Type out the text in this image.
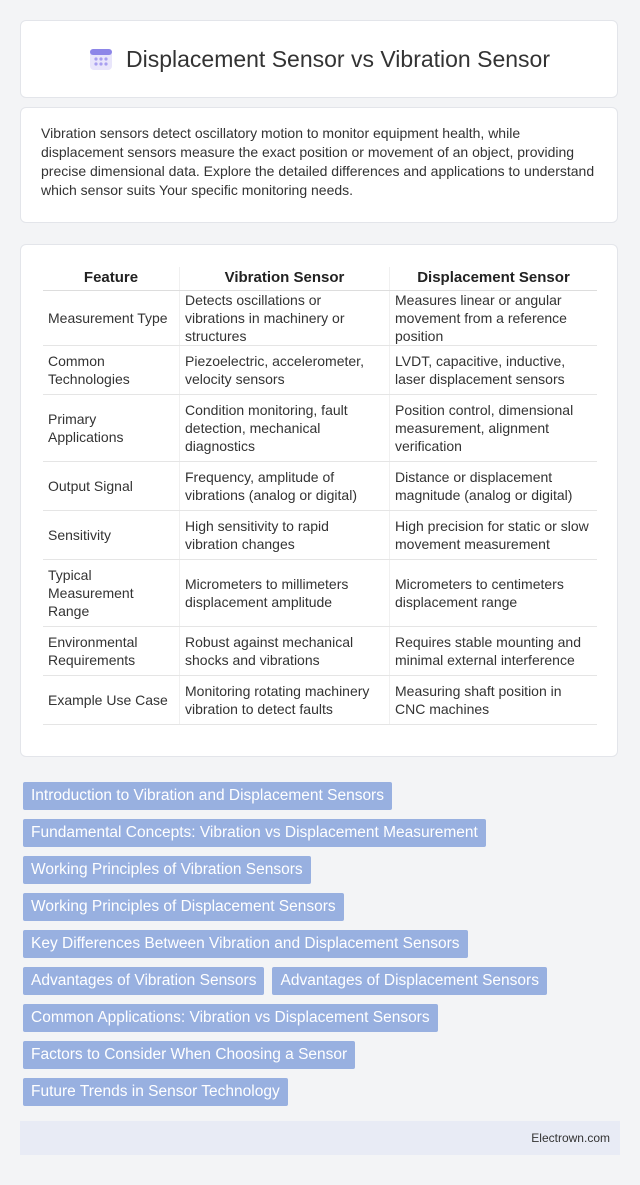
Displacement Sensor vs Vibration Sensor

Vibration sensors detect oscillatory motion to monitor equipment health, while displacement sensors measure the exact position or movement of an object, providing precise dimensional data. Explore the detailed differences and applications to understand which sensor suits Your specific monitoring needs.

Feature	Vibration Sensor	Displacement Sensor
Measurement Type	Detects oscillations or vibrations in machinery or structures	Measures linear or angular movement from a reference position
Common Technologies	Piezoelectric, accelerometer, velocity sensors	LVDT, capacitive, inductive, laser displacement sensors
Primary Applications	Condition monitoring, fault detection, mechanical diagnostics	Position control, dimensional measurement, alignment verification
Output Signal	Frequency, amplitude of vibrations (analog or digital)	Distance or displacement magnitude (analog or digital)
Sensitivity	High sensitivity to rapid vibration changes	High precision for static or slow movement measurement
Typical Measurement Range	Micrometers to millimeters displacement amplitude	Micrometers to centimeters displacement range
Environmental Requirements	Robust against mechanical shocks and vibrations	Requires stable mounting and minimal external interference
Example Use Case	Monitoring rotating machinery vibration to detect faults	Measuring shaft position in CNC machines
Introduction to Vibration and Displacement Sensors
Fundamental Concepts: Vibration vs Displacement Measurement
Working Principles of Vibration Sensors
Working Principles of Displacement Sensors
Key Differences Between Vibration and Displacement Sensors
Advantages of Vibration Sensors	Advantages of Displacement Sensors
Common Applications: Vibration vs Displacement Sensors
Factors to Consider When Choosing a Sensor
Future Trends in Sensor Technology
Electrown.com
